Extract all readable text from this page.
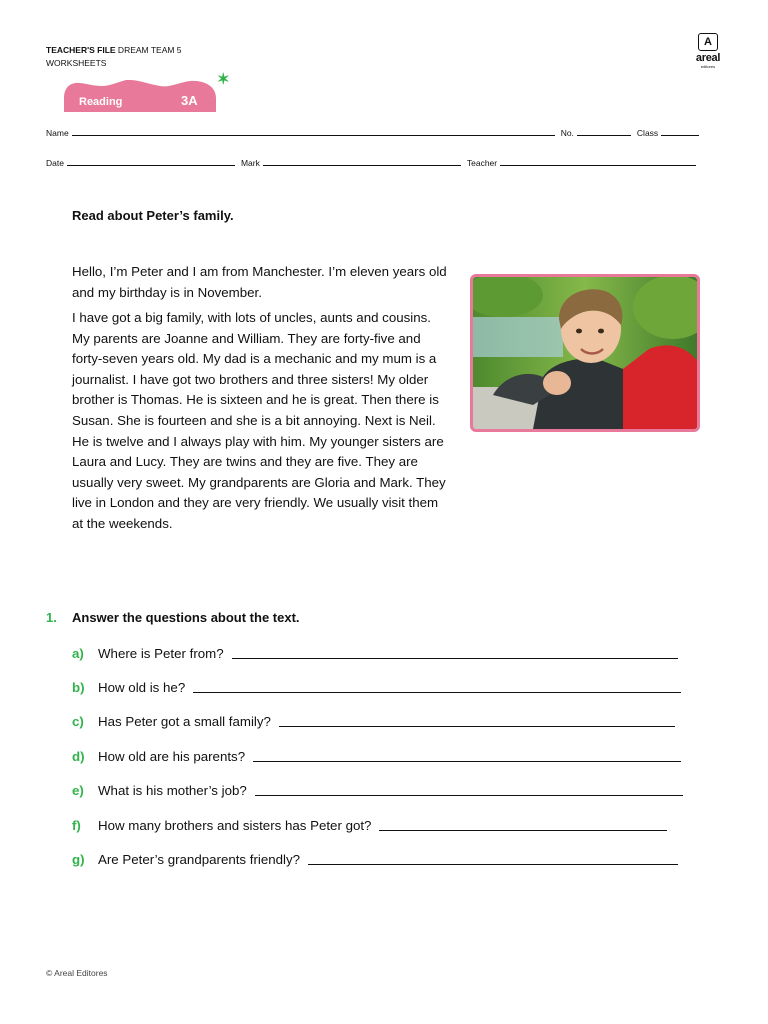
TEACHER'S FILE DREAM TEAM 5
WORKSHEETS
A
areal
editores
Reading	3A
✶
Name	No.	Class
Date	Mark	Teacher
Read about Peter’s family.

Hello, I’m Peter and I am from Manchester. I’m eleven years old and my birthday is in November.

I have got a big family, with lots of uncles, aunts and cousins. My parents are Joanne and William. They are forty-five and forty-seven years old. My dad is a mechanic and my mum is a journalist. I have got two brothers and three sisters! My older brother is Thomas. He is sixteen and he is great. Then there is Susan. She is fourteen and she is a bit annoying. Next is Neil. He is twelve and I always play with him. My younger sisters are Laura and Lucy. They are twins and they are five. They are usually very sweet. My grandparents are Gloria and Mark. They live in London and they are very friendly. We usually visit them at the weekends.

1. Answer the questions about the text.
a)	Where is Peter from?
b)	How old is he?
c)	Has Peter got a small family?
d)	How old are his parents?
e)	What is his mother’s job?
f)	How many brothers and sisters has Peter got?
g)	Are Peter’s grandparents friendly?
© Areal Editores
